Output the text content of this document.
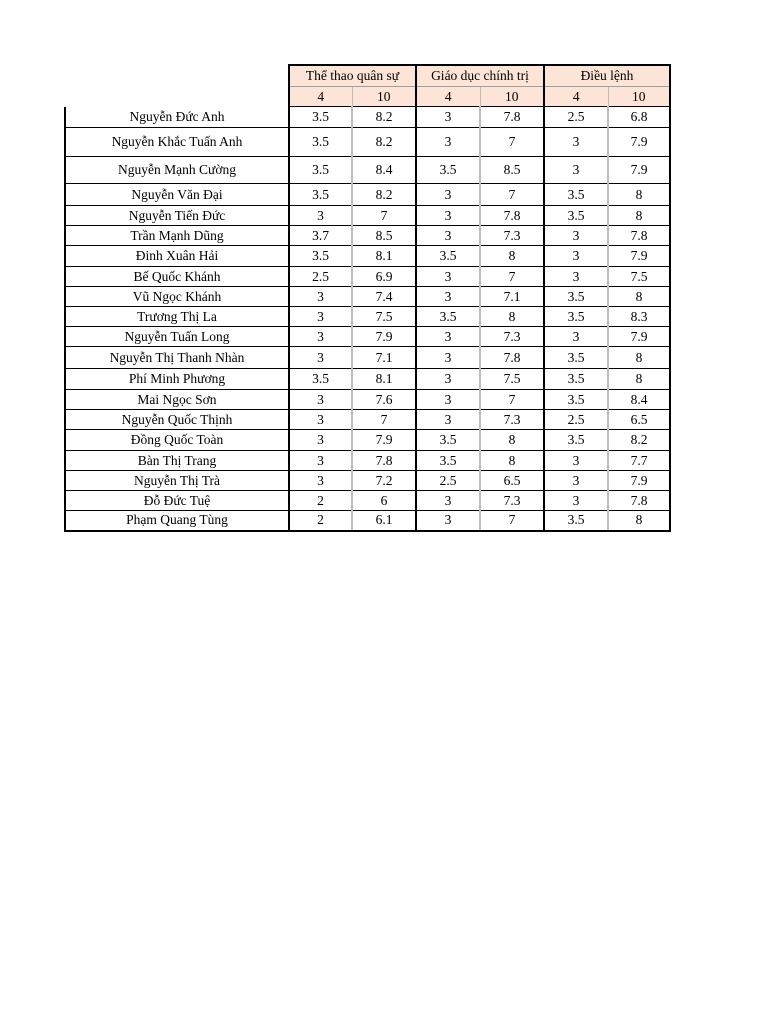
	Thể thao quân sự		Giáo dục chính trị		Điều lệnh	
	4	10	4	10	4	10
Nguyễn Đức Anh	3.5	8.2	3	7.8	2.5	6.8
Nguyễn Khắc Tuấn Anh	3.5	8.2	3	7	3	7.9
Nguyễn Mạnh Cường	3.5	8.4	3.5	8.5	3	7.9
Nguyễn Văn Đại	3.5	8.2	3	7	3.5	8
Nguyễn Tiến Đức	3	7	3	7.8	3.5	8
Trần Mạnh Dũng	3.7	8.5	3	7.3	3	7.8
Đinh Xuân Hải	3.5	8.1	3.5	8	3	7.9
Bế Quốc Khánh	2.5	6.9	3	7	3	7.5
Vũ Ngọc Khánh	3	7.4	3	7.1	3.5	8
Trương Thị La	3	7.5	3.5	8	3.5	8.3
Nguyễn Tuấn Long	3	7.9	3	7.3	3	7.9
Nguyễn Thị Thanh Nhàn	3	7.1	3	7.8	3.5	8
Phí Minh Phương	3.5	8.1	3	7.5	3.5	8
Mai Ngọc Sơn	3	7.6	3	7	3.5	8.4
Nguyễn Quốc Thịnh	3	7	3	7.3	2.5	6.5
Đồng Quốc Toàn	3	7.9	3.5	8	3.5	8.2
Bàn Thị Trang	3	7.8	3.5	8	3	7.7
Nguyễn Thị Trà	3	7.2	2.5	6.5	3	7.9
Đỗ Đức Tuệ	2	6	3	7.3	3	7.8
Phạm Quang Tùng	2	6.1	3	7	3.5	8
